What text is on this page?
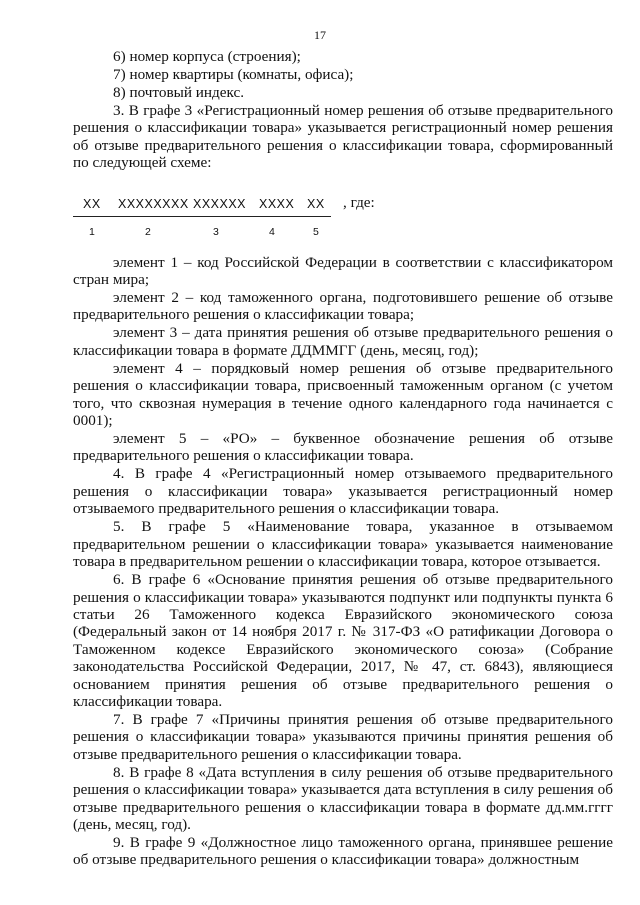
17

6) номер корпуса (строения);

7) номер квартиры (комнаты, офиса);

8) почтовый индекс.

3. В графе 3 «Регистрационный номер решения об отзыве предварительного решения о классификации товара» указывается регистрационный номер решения об отзыве предварительного решения о классификации товара, сформированный по следующей схеме:

XX XXXXXXXX XXXXXX XXXX XX
1	2	3	4	5
, где:

элемент 1 – код Российской Федерации в соответствии с классификатором стран мира;

элемент 2 – код таможенного органа, подготовившего решение об отзыве предварительного решения о классификации товара;

элемент 3 – дата принятия решения об отзыве предварительного решения о классификации товара в формате ДДММГГ (день, месяц, год);

элемент 4 – порядковый номер решения об отзыве предварительного решения о классификации товара, присвоенный таможенным органом (с учетом того, что сквозная нумерация в течение одного календарного года начинается с 0001);

элемент 5 – «РО» – буквенное обозначение решения об отзыве предварительного решения о классификации товара.

4. В графе 4 «Регистрационный номер отзываемого предварительного решения о классификации товара» указывается регистрационный номер отзываемого предварительного решения о классификации товара.

5. В графе 5 «Наименование товара, указанное в отзываемом предварительном решении о классификации товара» указывается наименование товара в предварительном решении о классификации товара, которое отзывается.

6. В графе 6 «Основание принятия решения об отзыве предварительного решения о классификации товара» указываются подпункт или подпункты пункта 6 статьи 26 Таможенного кодекса Евразийского экономического союза (Федеральный закон от 14 ноября 2017 г. № 317-ФЗ «О ратификации Договора о Таможенном кодексе Евразийского экономического союза» (Собрание законодательства Российской Федерации, 2017, № 47, ст. 6843), являющиеся основанием принятия решения об отзыве предварительного решения о классификации товара.

7. В графе 7 «Причины принятия решения об отзыве предварительного решения о классификации товара» указываются причины принятия решения об отзыве предварительного решения о классификации товара.

8. В графе 8 «Дата вступления в силу решения об отзыве предварительного решения о классификации товара» указывается дата вступления в силу решения об отзыве предварительного решения о классификации товара в формате дд.мм.гггг (день, месяц, год).

9. В графе 9 «Должностное лицо таможенного органа, принявшее решение об отзыве предварительного решения о классификации товара» должностным
